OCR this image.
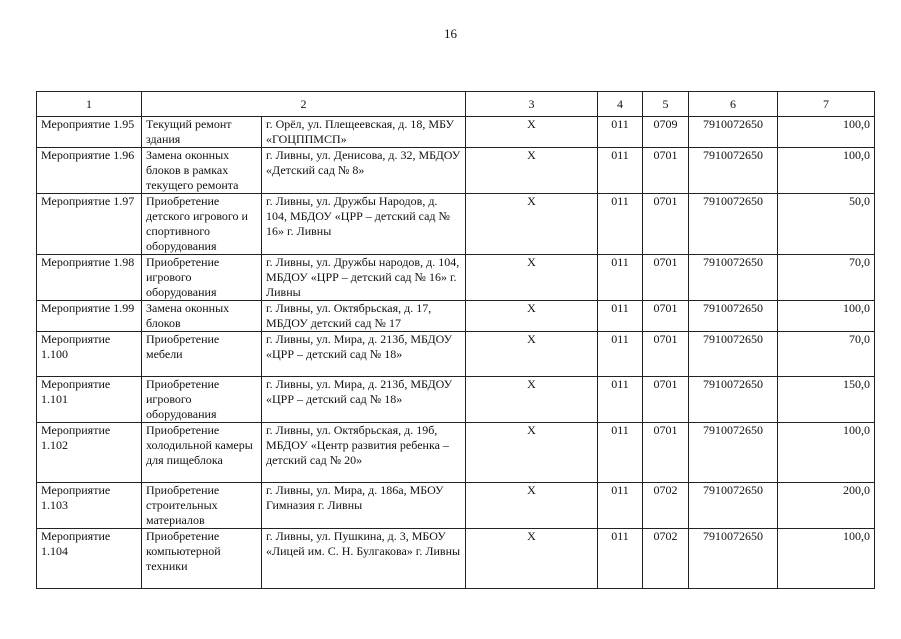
16
1	2		3	4	5	6	7
Мероприятие 1.95	Текущий ремонт здания	г. Орёл, ул. Плещеевская, д. 18, МБУ «ГОЦППМСП»	Х	011	0709	7910072650	100,0
Мероприятие 1.96	Замена оконных блоков в рамках текущего ремонта	г. Ливны, ул. Денисова, д. 32, МБДОУ «Детский сад № 8»	Х	011	0701	7910072650	100,0
Мероприятие 1.97	Приобретение детского игрового и спортивного оборудования	г. Ливны, ул. Дружбы Народов, д. 104, МБДОУ «ЦРР – детский сад № 16» г. Ливны	Х	011	0701	7910072650	50,0
Мероприятие 1.98	Приобретение игрового оборудования	г. Ливны, ул. Дружбы народов, д. 104, МБДОУ «ЦРР – детский сад № 16» г. Ливны	Х	011	0701	7910072650	70,0
Мероприятие 1.99	Замена оконных блоков	г. Ливны, ул. Октябрьская, д. 17, МБДОУ детский сад № 17	Х	011	0701	7910072650	100,0
Мероприятие 1.100	Приобретение мебели	г. Ливны, ул. Мира, д. 213б, МБДОУ «ЦРР – детский сад № 18»	Х	011	0701	7910072650	70,0
Мероприятие 1.101	Приобретение игрового оборудования	г. Ливны, ул. Мира, д. 213б, МБДОУ «ЦРР – детский сад № 18»	Х	011	0701	7910072650	150,0
Мероприятие 1.102	Приобретение холодильной камеры для пищеблока	г. Ливны, ул. Октябрьская, д. 19б, МБДОУ «Центр развития ребенка – детский сад № 20»	Х	011	0701	7910072650	100,0
Мероприятие 1.103	Приобретение строительных материалов	г. Ливны, ул. Мира, д. 186а, МБОУ Гимназия г. Ливны	Х	011	0702	7910072650	200,0
Мероприятие 1.104	Приобретение компьютерной техники	г. Ливны, ул. Пушкина, д. 3, МБОУ «Лицей им. С. Н. Булгакова» г. Ливны	Х	011	0702	7910072650	100,0
